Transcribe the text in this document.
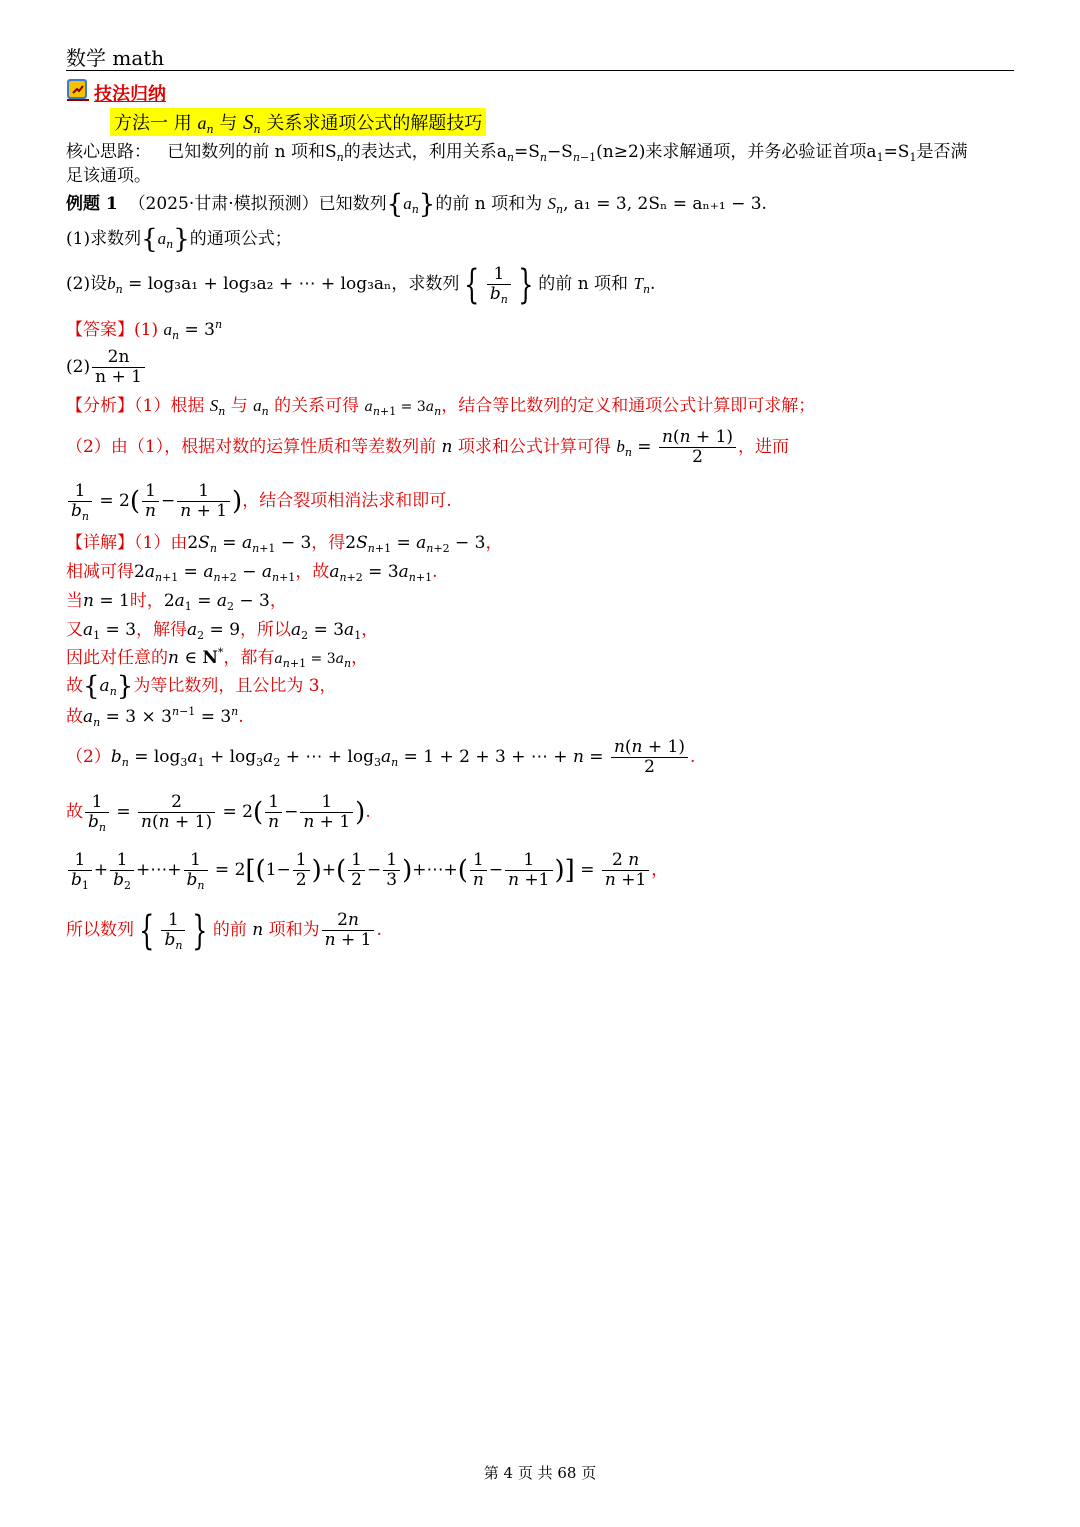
数学 math
技法归纳
方法一 用 $a_n$ 与 $S_n$ 关系求通项公式的解题技巧
核心思路： 已知数列的前 n 项和$S_n$的表达式，利用关系$a_n=S_n-S_{n-1}(n\ge 2)$来求解通项，并务必验证首项$a_1=S_1$是否满
足该通项。
例题 1 （2025·甘肃·模拟预测）已知数列$\{a_n\}$的前 n 项和为 $S_n$, a₁ = 3, 2Sₙ = aₙ₊₁ − 3.
(1)求数列$\{a_n\}$的通项公式；
(2)设$b_n = \log_3a_1 + \log_3a_2$ + ⋯ + log₃aₙ，求数列 { $\frac{1}{b_n}$ } 的前 n 项和 $T_n$.
【答案】(1) $a_n = 3^n$
$(2) \frac{2n}{n + 1}$
【分析】（1）根据 $S_n$ 与 $a_n$ 的关系可得 $a_{n+1} = 3a_n$，结合等比数列的定义和通项公式计算即可求解；
（2）由（1），根据对数的运算性质和等差数列前 n 项求和公式计算可得 $b_n = \frac{n(n + 1)}{2}$ ，进而
$\frac{1}{b_n} = 2( \frac{1}{n} - \frac{1}{n + 1}$ )，结合裂项相消法求和即可.
【详解】（1）由$2S_n = a_{n+1} - 3$，得$2S_{n+1} = a_{n+2} - 3$，
相减可得$2a_{n+1} = a_{n+2} - a_{n+1}$，故$a_{n+2} = 3a_{n+1}$.
当n = 1时，$2a_1 = a_2 - 3$，
又$a_1 = 3$，解得$a_2 = 9$，所以$a_2 = 3a_1$，
因此对任意的n ∈ N*，都有$a_{n+1} = 3a_n$，
故$\{a_n\}$为等比数列，且公比为 3，
故$a_n = 3 \times 3^{n-1} = 3^n$.
$(2)b_n = \log_3a_1 + \log_3a_2$ + ⋯ + $\log_3a_n = 1 + 2 + 3$ + ⋯ + $n = \frac{n(n + 1)}{2}$ .
故 $\frac{1}{b_n} = \frac{2}{n(n + 1)} = 2( \frac{1}{n} - \frac{1}{n + 1}$ ).
$\frac{1}{b_1} + \frac{1}{b_2}$ +⋯+ $\frac{1}{b_n} = 2[(1- \frac{1}{2}$ )+( $\frac{1}{2} - \frac{1}{3}$ )+⋯+( $\frac{1}{n} - \frac{1}{n +1}$ )] = $\frac{2 n}{n +1}$ ，
所以数列 { $\frac{1}{b_n}$ } 的前 n 项和为 $\frac{2n}{n + 1}$ .
第 4 页 共 68 页
